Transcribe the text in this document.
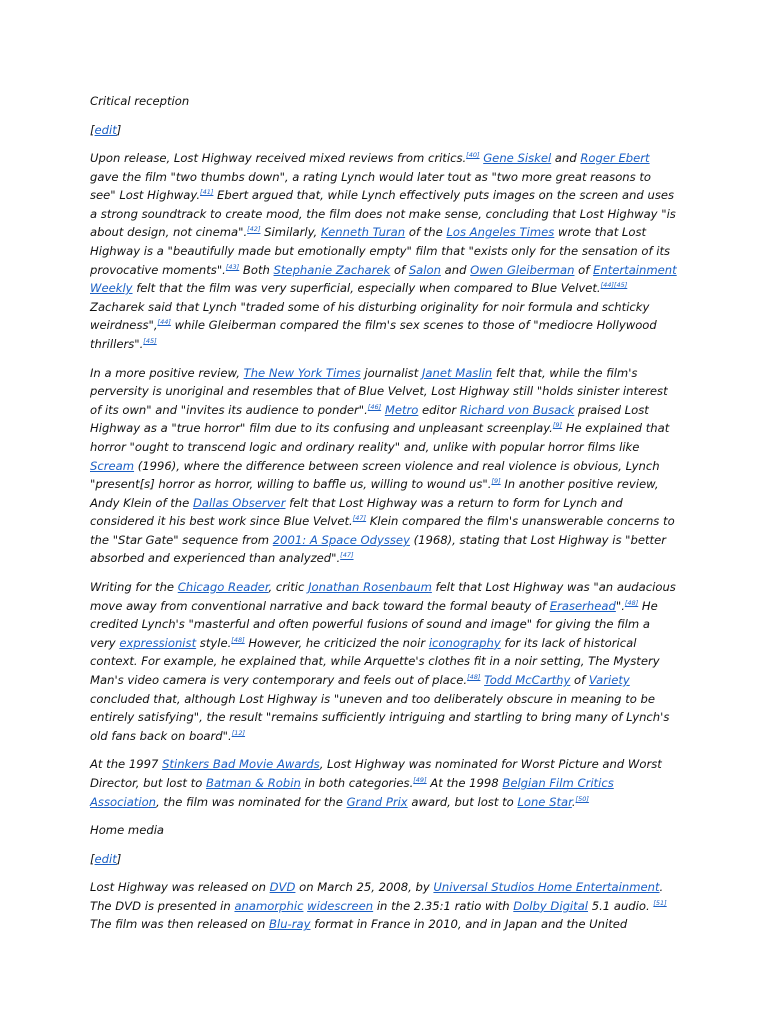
Critical reception
[edit]

Upon release, Lost Highway received mixed reviews from critics.[40] Gene Siskel and Roger Ebert gave the film "two thumbs down", a rating Lynch would later tout as "two more great reasons to see" Lost Highway.[41] Ebert argued that, while Lynch effectively puts images on the screen and uses a strong soundtrack to create mood, the film does not make sense, concluding that Lost Highway "is about design, not cinema".[42] Similarly, Kenneth Turan of the Los Angeles Times wrote that Lost Highway is a "beautifully made but emotionally empty" film that "exists only for the sensation of its provocative moments".[43] Both Stephanie Zacharek of Salon and Owen Gleiberman of Entertainment Weekly felt that the film was very superficial, especially when compared to Blue Velvet.[44][45] Zacharek said that Lynch "traded some of his disturbing originality for noir formula and schticky weirdness",[44] while Gleiberman compared the film's sex scenes to those of "mediocre Hollywood thrillers".[45]

In a more positive review, The New York Times journalist Janet Maslin felt that, while the film's perversity is unoriginal and resembles that of Blue Velvet, Lost Highway still "holds sinister interest of its own" and "invites its audience to ponder".[46] Metro editor Richard von Busack praised Lost Highway as a "true horror" film due to its confusing and unpleasant screenplay.[9] He explained that horror "ought to transcend logic and ordinary reality" and, unlike with popular horror films like Scream (1996), where the difference between screen violence and real violence is obvious, Lynch "present[s] horror as horror, willing to baffle us, willing to wound us".[9] In another positive review, Andy Klein of the Dallas Observer felt that Lost Highway was a return to form for Lynch and considered it his best work since Blue Velvet.[47] Klein compared the film's unanswerable concerns to the "Star Gate" sequence from 2001: A Space Odyssey (1968), stating that Lost Highway is "better absorbed and experienced than analyzed".[47]

Writing for the Chicago Reader, critic Jonathan Rosenbaum felt that Lost Highway was "an audacious move away from conventional narrative and back toward the formal beauty of Eraserhead".[48] He credited Lynch's "masterful and often powerful fusions of sound and image" for giving the film a very expressionist style.[48] However, he criticized the noir iconography for its lack of historical context. For example, he explained that, while Arquette's clothes fit in a noir setting, The Mystery Man's video camera is very contemporary and feels out of place.[48] Todd McCarthy of Variety concluded that, although Lost Highway is "uneven and too deliberately obscure in meaning to be entirely satisfying", the result "remains sufficiently intriguing and startling to bring many of Lynch's old fans back on board".[12]

At the 1997 Stinkers Bad Movie Awards, Lost Highway was nominated for Worst Picture and Worst Director, but lost to Batman & Robin in both categories.[49] At the 1998 Belgian Film Critics Association, the film was nominated for the Grand Prix award, but lost to Lone Star.[50]

Home media
[edit]

Lost Highway was released on DVD on March 25, 2008, by Universal Studios Home Entertainment. The DVD is presented in anamorphic widescreen in the 2.35:1 ratio with Dolby Digital 5.1 audio. [51] The film was then released on Blu-ray format in France in 2010, and in Japan and the United
